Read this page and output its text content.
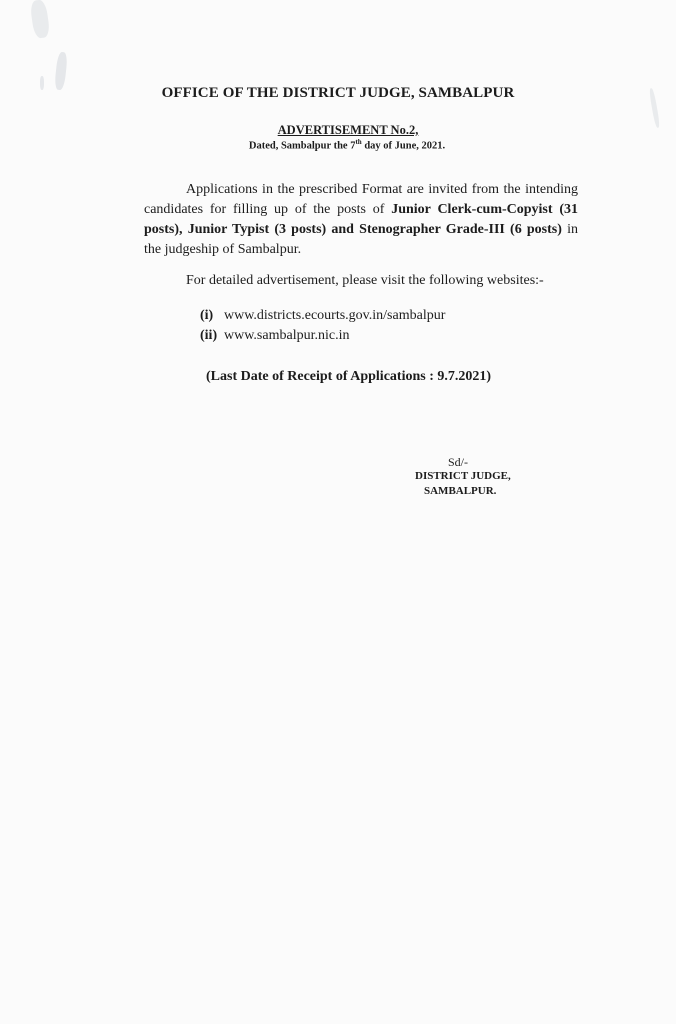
OFFICE OF THE DISTRICT JUDGE, SAMBALPUR
ADVERTISEMENT No.2,
Dated, Sambalpur the 7th day of June, 2021.
Applications in the prescribed Format are invited from the intending candidates for filling up of the posts of Junior Clerk-cum-Copyist (31 posts), Junior Typist (3 posts) and Stenographer Grade-III (6 posts) in the judgeship of Sambalpur.
For detailed advertisement, please visit the following websites:-
(i) www.districts.ecourts.gov.in/sambalpur
(ii) www.sambalpur.nic.in
(Last Date of Receipt of Applications : 9.7.2021)
Sd/-
DISTRICT JUDGE,
SAMBALPUR.
